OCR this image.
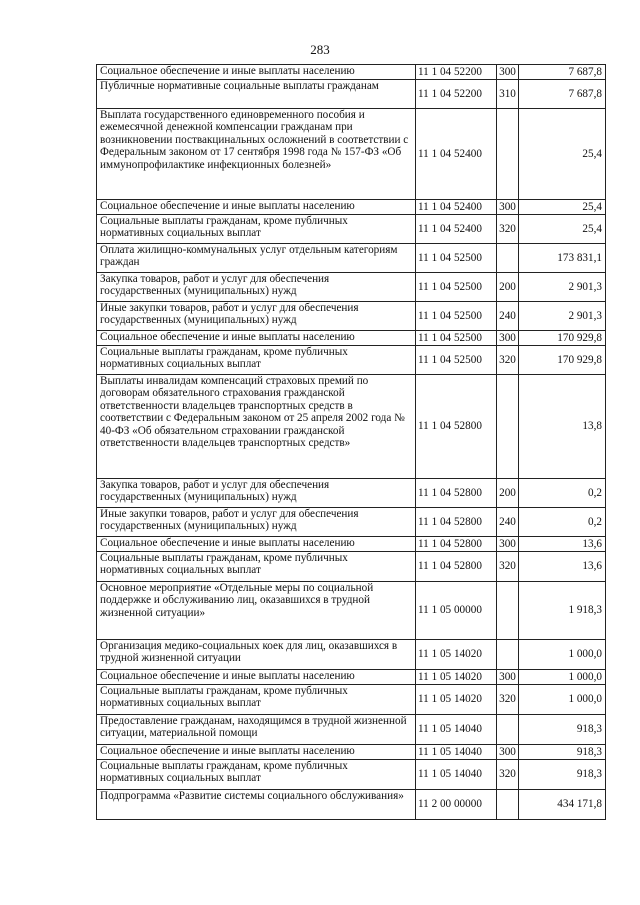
283
Социальное обеспечение и иные выплаты населению	11 1 04 52200	300	7 687,8
Публичные нормативные социальные выплаты гражданам	11 1 04 52200	310	7 687,8
Выплата государственного единовременного пособия и ежемесячной денежной компенсации гражданам при возникновении поствакцинальных осложнений в соответствии с Федеральным законом от 17 сентября 1998 года № 157-ФЗ «Об иммунопрофилактике инфекционных болезней»	11 1 04 52400		25,4
Социальное обеспечение и иные выплаты населению	11 1 04 52400	300	25,4
Социальные выплаты гражданам, кроме публичных нормативных социальных выплат	11 1 04 52400	320	25,4
Оплата жилищно-коммунальных услуг отдельным категориям граждан	11 1 04 52500		173 831,1
Закупка товаров, работ и услуг для обеспечения государственных (муниципальных) нужд	11 1 04 52500	200	2 901,3
Иные закупки товаров, работ и услуг для обеспечения государственных (муниципальных) нужд	11 1 04 52500	240	2 901,3
Социальное обеспечение и иные выплаты населению	11 1 04 52500	300	170 929,8
Социальные выплаты гражданам, кроме публичных нормативных социальных выплат	11 1 04 52500	320	170 929,8
Выплаты инвалидам компенсаций страховых премий по договорам обязательного страхования гражданской ответственности владельцев транспортных средств в соответствии с Федеральным законом от 25 апреля 2002 года № 40-ФЗ «Об обязательном страховании гражданской ответственности владельцев транспортных средств»	11 1 04 52800		13,8
Закупка товаров, работ и услуг для обеспечения государственных (муниципальных) нужд	11 1 04 52800	200	0,2
Иные закупки товаров, работ и услуг для обеспечения государственных (муниципальных) нужд	11 1 04 52800	240	0,2
Социальное обеспечение и иные выплаты населению	11 1 04 52800	300	13,6
Социальные выплаты гражданам, кроме публичных нормативных социальных выплат	11 1 04 52800	320	13,6
Основное мероприятие «Отдельные меры по социальной поддержке и обслуживанию лиц, оказавшихся в трудной жизненной ситуации»	11 1 05 00000		1 918,3
Организация медико-социальных коек для лиц, оказавшихся в трудной жизненной ситуации	11 1 05 14020		1 000,0
Социальное обеспечение и иные выплаты населению	11 1 05 14020	300	1 000,0
Социальные выплаты гражданам, кроме публичных нормативных социальных выплат	11 1 05 14020	320	1 000,0
Предоставление гражданам, находящимся в трудной жизненной ситуации, материальной помощи	11 1 05 14040		918,3
Социальное обеспечение и иные выплаты населению	11 1 05 14040	300	918,3
Социальные выплаты гражданам, кроме публичных нормативных социальных выплат	11 1 05 14040	320	918,3
Подпрограмма «Развитие системы социального обслуживания»	11 2 00 00000		434 171,8
